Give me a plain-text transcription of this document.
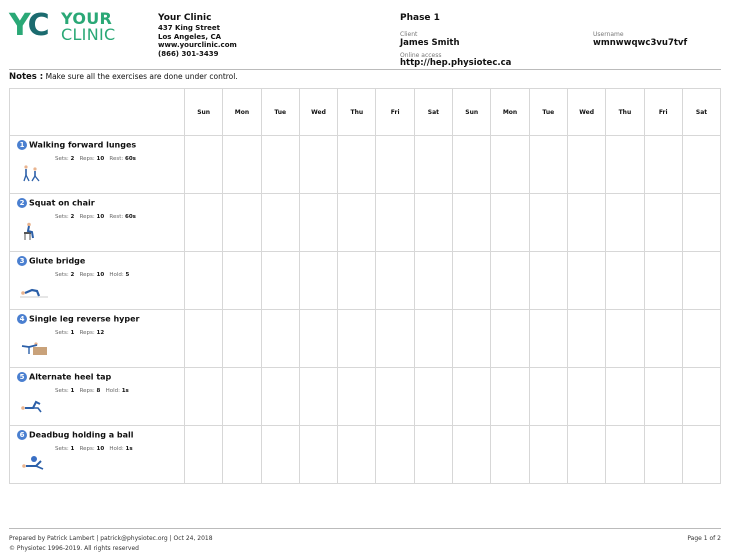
YC YOUR
CLINIC
Your Clinic
437 King Street
Los Angeles, CA
www.yourclinic.com
(866) 301-3439
Phase 1
Client
James Smith
Online access
http://hep.physiotec.ca
Username
wmnwwqwc3vu7tvf
Notes : Make sure all the exercises are done under control.
	Sun	Mon	Tue	Wed	Thu	Fri	Sat	Sun	Mon	Tue	Wed	Thu	Fri	Sat

1 Walking forward lunges
Sets: 2 Reps: 10 Rest: 60s														

2 Squat on chair
Sets: 2 Reps: 10 Rest: 60s														

3 Glute bridge
Sets: 2 Reps: 10 Hold: 5														

4 Single leg reverse hyper
Sets: 1 Reps: 12														

5 Alternate heel tap
Sets: 1 Reps: 8 Hold: 1s														

6 Deadbug holding a ball
Sets: 1 Reps: 10 Hold: 1s														

Prepared by Patrick Lambert | patrick@physiotec.org | Oct 24, 2018
© Physiotec 1996-2019. All rights reserved
Page 1 of 2
